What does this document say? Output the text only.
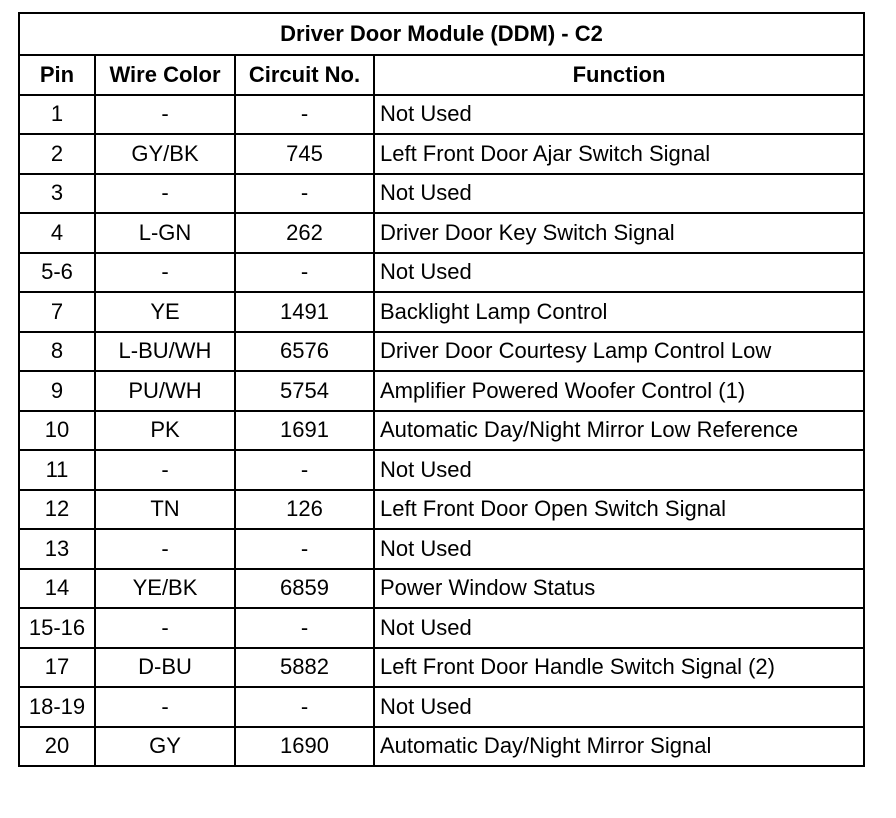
Driver Door Module (DDM) - C2			
Pin	Wire Color	Circuit No.	Function
1	-	-	Not Used
2	GY/BK	745	Left Front Door Ajar Switch Signal
3	-	-	Not Used
4	L-GN	262	Driver Door Key Switch Signal
5-6	-	-	Not Used
7	YE	1491	Backlight Lamp Control
8	L-BU/WH	6576	Driver Door Courtesy Lamp Control Low
9	PU/WH	5754	Amplifier Powered Woofer Control (1)
10	PK	1691	Automatic Day/Night Mirror Low Reference
11	-	-	Not Used
12	TN	126	Left Front Door Open Switch Signal
13	-	-	Not Used
14	YE/BK	6859	Power Window Status
15-16	-	-	Not Used
17	D-BU	5882	Left Front Door Handle Switch Signal (2)
18-19	-	-	Not Used
20	GY	1690	Automatic Day/Night Mirror Signal
